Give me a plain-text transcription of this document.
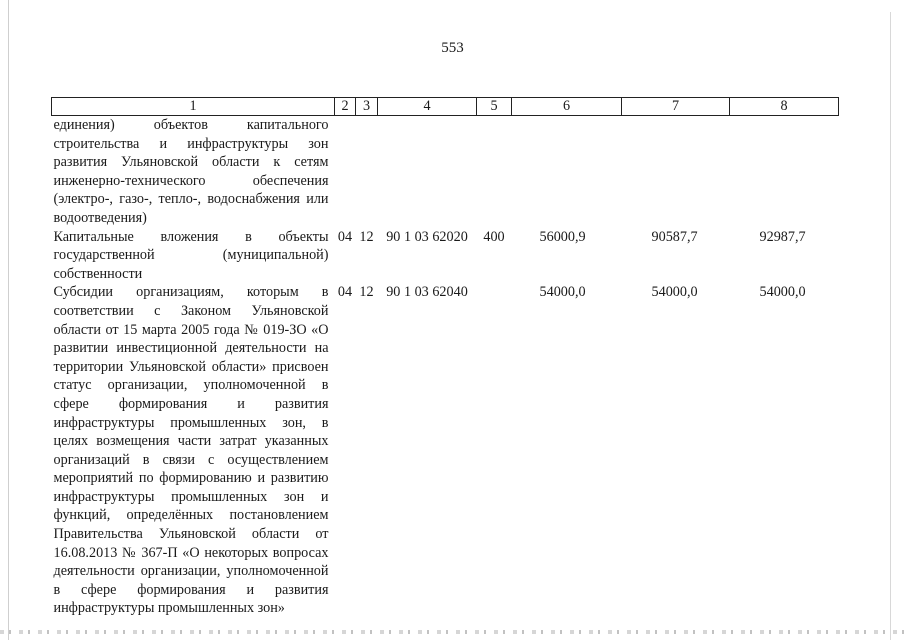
553
1	2	3	4	5	6	7	8
единения) объектов капитального строительства и инфраструктуры зон развития Ульяновской области к сетям инженерно-технического обеспечения (электро-, газо-, тепло-, водоснабжения или водоотведения)							
Капитальные вложения в объекты государственной (муниципальной) собственности	04	12	90 1 03 62020	400	56000,9	90587,7	92987,7
Субсидии организациям, которым в соответствии с Законом Ульяновской области от 15 марта 2005 года № 019-ЗО «О развитии инвестиционной деятельности на территории Ульяновской области» присвоен статус организации, уполномоченной в сфере формирования и развития инфраструктуры промышленных зон, в целях возмещения части затрат указанных организаций в связи с осуществлением мероприятий по формированию и развитию инфраструктуры промышленных зон и функций, определённых постановлением Правительства Ульяновской области от 16.08.2013 № 367-П «О некоторых вопросах деятельности организации, уполномоченной в сфере формирования и развития инфраструктуры промышленных зон»	04	12	90 1 03 62040		54000,0	54000,0	54000,0
